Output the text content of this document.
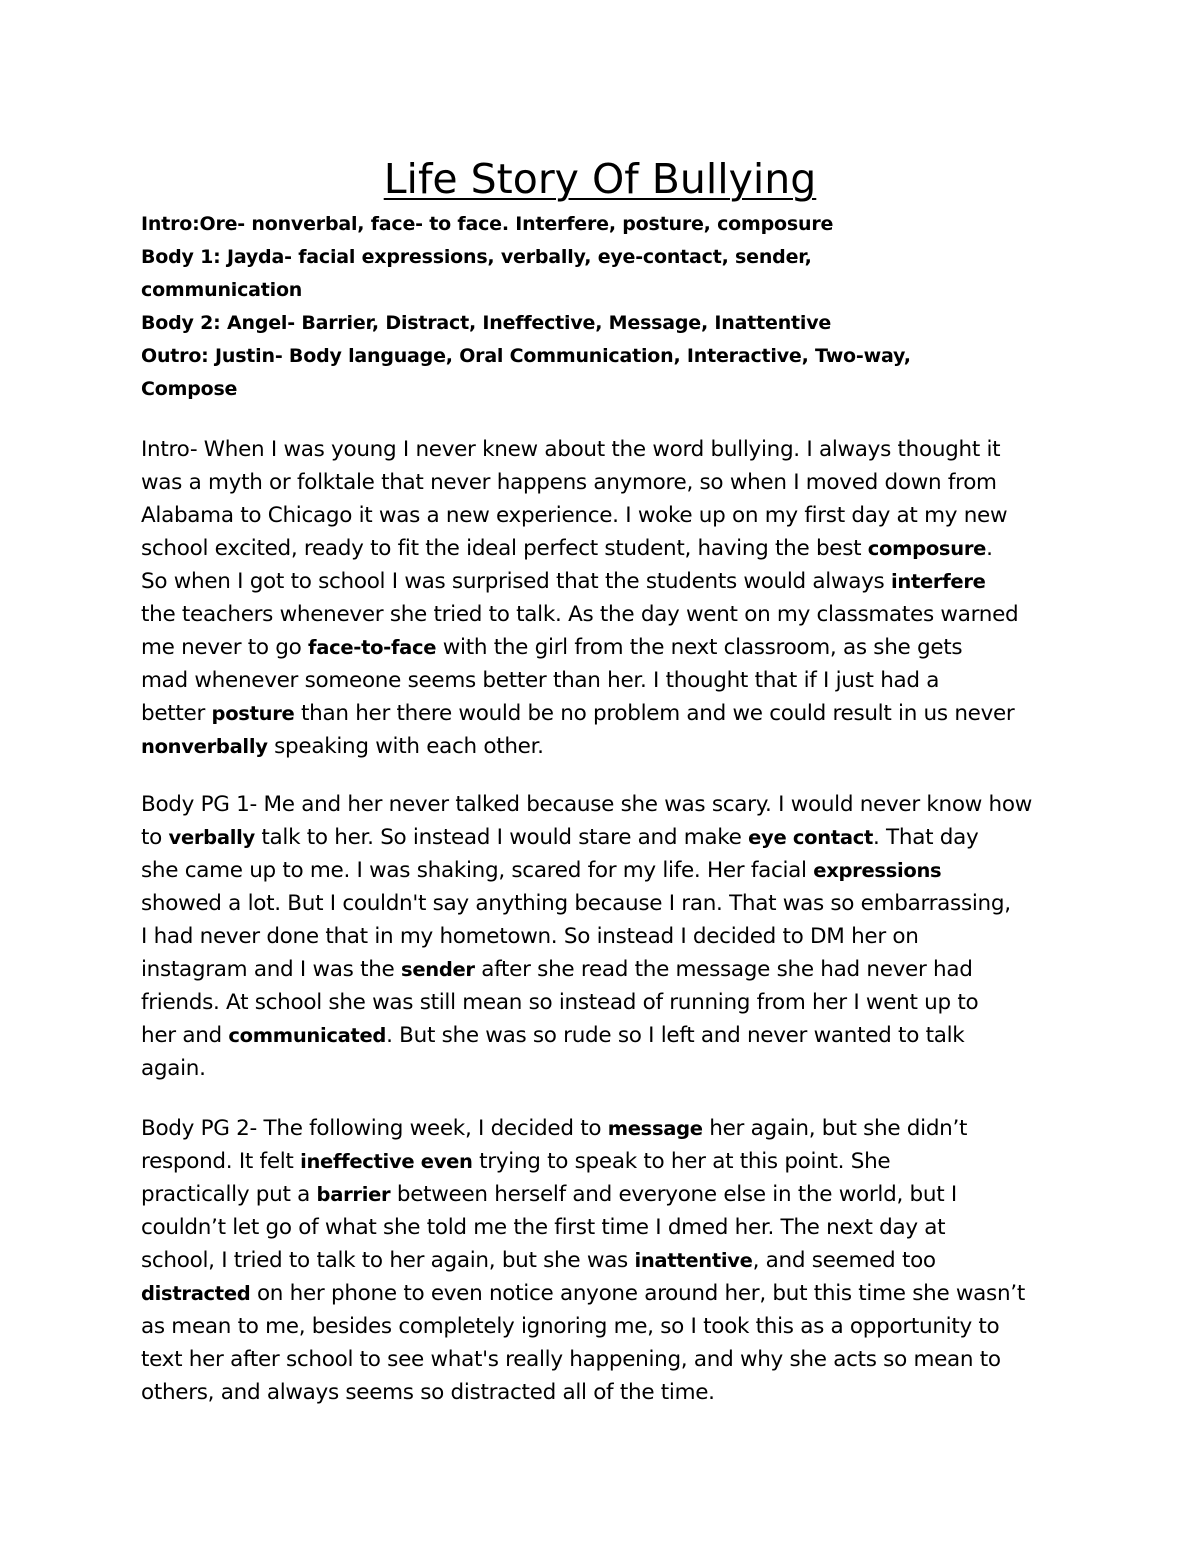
Life Story Of Bullying
Intro:Ore- nonverbal, face- to face. Interfere, posture, composure
Body 1: Jayda- facial expressions, verbally, eye-contact, sender,
communication
Body 2: Angel- Barrier, Distract, Ineffective, Message, Inattentive
Outro: Justin- Body language, Oral Communication, Interactive, Two-way,
Compose
Intro- When I was young I never knew about the word bullying. I always thought it
was a myth or folktale that never happens anymore, so when I moved down from
Alabama to Chicago it was a new experience. I woke up on my first day at my new
school excited, ready to fit the ideal perfect student, having the best composure.
So when I got to school I was surprised that the students would always interfere
the teachers whenever she tried to talk. As the day went on my classmates warned
me never to go face-to-face with the girl from the next classroom, as she gets
mad whenever someone seems better than her. I thought that if I just had a
better posture than her there would be no problem and we could result in us never
nonverbally speaking with each other.
Body PG 1- Me and her never talked because she was scary. I would never know how
to verbally talk to her. So instead I would stare and make eye contact. That day
she came up to me. I was shaking, scared for my life. Her facial expressions
showed a lot. But I couldn't say anything because I ran. That was so embarrassing,
I had never done that in my hometown. So instead I decided to DM her on
instagram and I was the sender after she read the message she had never had
friends. At school she was still mean so instead of running from her I went up to
her and communicated. But she was so rude so I left and never wanted to talk
again.
Body PG 2- The following week, I decided to message her again, but she didn’t
respond. It felt ineffective even trying to speak to her at this point. She
practically put a barrier between herself and everyone else in the world, but I
couldn’t let go of what she told me the first time I dmed her. The next day at
school, I tried to talk to her again, but she was inattentive, and seemed too
distracted on her phone to even notice anyone around her, but this time she wasn’t
as mean to me, besides completely ignoring me, so I took this as a opportunity to
text her after school to see what's really happening, and why she acts so mean to
others, and always seems so distracted all of the time.
